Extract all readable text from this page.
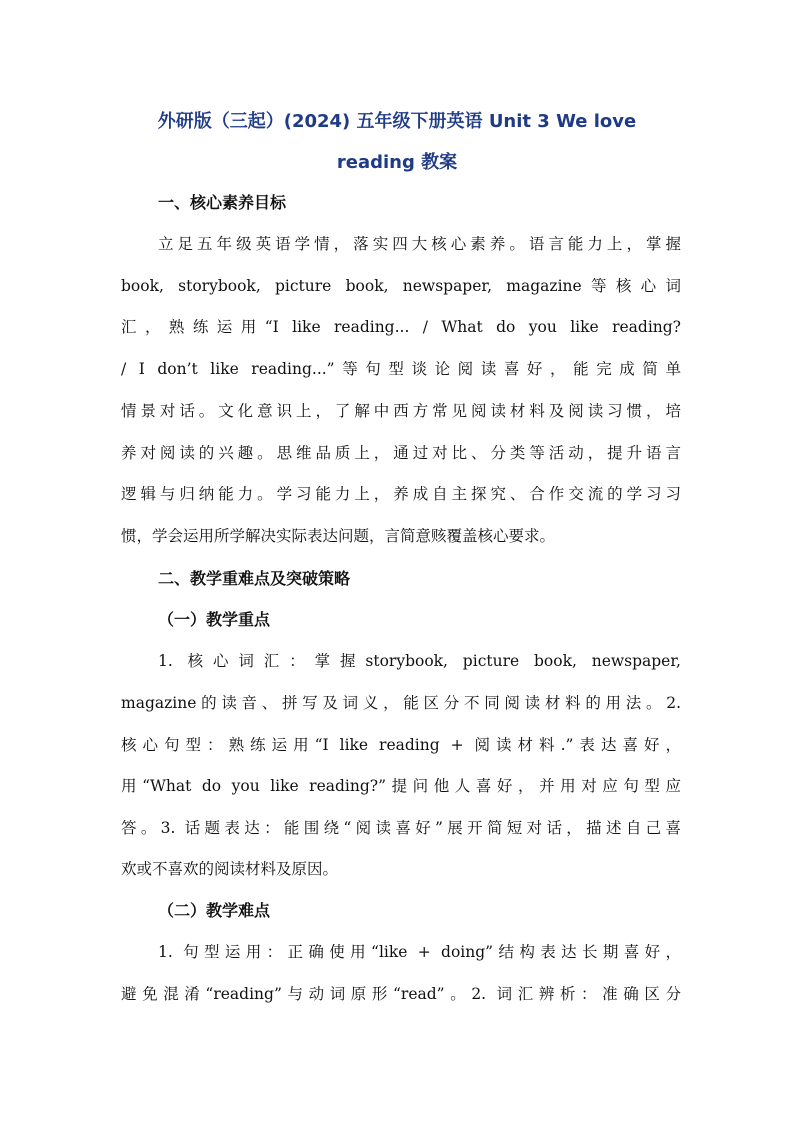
外研版（三起）(2024) 五年级下册英语 Unit 3 We love
reading 教案
一、核心素养目标
立足五年级英语学情，落实四大核心素养。语言能力上，掌握
book, storybook, picture book, newspaper, magazine等核心词
汇，熟练运用“I like reading... / What do you like reading?
/ I don’t like reading...”等句型谈论阅读喜好，能完成简单
情景对话。文化意识上，了解中西方常见阅读材料及阅读习惯，培
养对阅读的兴趣。思维品质上，通过对比、分类等活动，提升语言
逻辑与归纳能力。学习能力上，养成自主探究、合作交流的学习习
惯，学会运用所学解决实际表达问题，言简意赅覆盖核心要求。
二、教学重难点及突破策略
（一）教学重点
1. 核心词汇：掌握storybook, picture book, newspaper,
magazine的读音、拼写及词义，能区分不同阅读材料的用法。2.
核心句型：熟练运用“I like reading + 阅读材料.”表达喜好，
用“What do you like reading?”提问他人喜好，并用对应句型应
答。3. 话题表达：能围绕“阅读喜好”展开简短对话，描述自己喜
欢或不喜欢的阅读材料及原因。
（二）教学难点
1. 句型运用：正确使用“like + doing”结构表达长期喜好，
避免混淆“reading”与动词原形“read”。2. 词汇辨析：准确区分
